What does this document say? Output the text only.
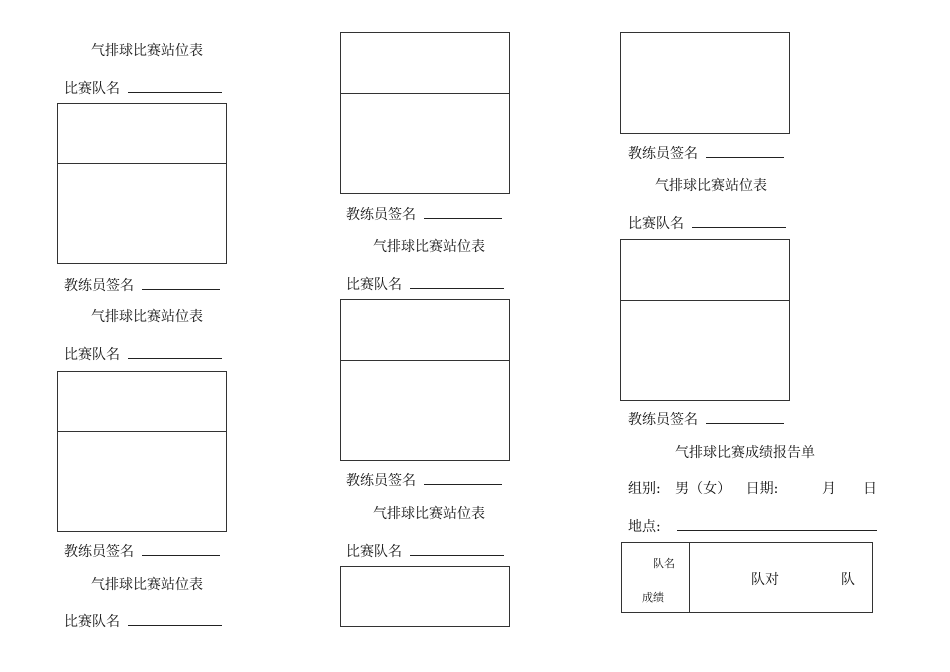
气排球比赛站位表
比赛队名
教练员签名
气排球比赛站位表
比赛队名
教练员签名
气排球比赛站位表
比赛队名
教练员签名
气排球比赛站位表
比赛队名
教练员签名
气排球比赛站位表
比赛队名
教练员签名
气排球比赛站位表
比赛队名
教练员签名
气排球比赛成绩报告单
组别: 男（女） 日期:	月 日
地点:
队名
成绩
队对	队
